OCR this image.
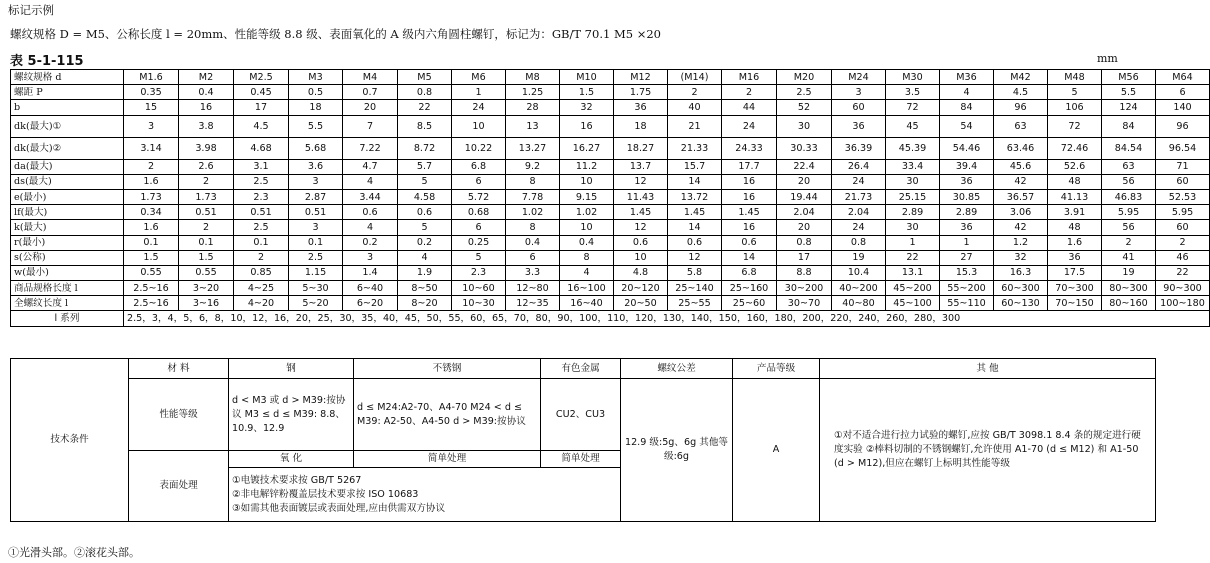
标记示例
螺纹规格 D = M5、公称长度 l = 20mm、性能等级 8.8 级、表面氧化的 A 级内六角圆柱螺钉，标记为：GB/T 70.1 M5 ×20
表 5-1-115	mm
螺纹规格 d	M1.6	M2	M2.5	M3	M4	M5	M6	M8	M10	M12	(M14)	M16	M20	M24	M30	M36	M42	M48	M56	M64
螺距 P	0.35	0.4	0.45	0.5	0.7	0.8	1	1.25	1.5	1.75	2	2	2.5	3	3.5	4	4.5	5	5.5	6
b	15	16	17	18	20	22	24	28	32	36	40	44	52	60	72	84	96	106	124	140
dk(最大)①	3	3.8	4.5	5.5	7	8.5	10	13	16	18	21	24	30	36	45	54	63	72	84	96
dk(最大)②	3.14	3.98	4.68	5.68	7.22	8.72	10.22	13.27	16.27	18.27	21.33	24.33	30.33	36.39	45.39	54.46	63.46	72.46	84.54	96.54
da(最大)	2	2.6	3.1	3.6	4.7	5.7	6.8	9.2	11.2	13.7	15.7	17.7	22.4	26.4	33.4	39.4	45.6	52.6	63	71
ds(最大)	1.6	2	2.5	3	4	5	6	8	10	12	14	16	20	24	30	36	42	48	56	60
e(最小)	1.73	1.73	2.3	2.87	3.44	4.58	5.72	7.78	9.15	11.43	13.72	16	19.44	21.73	25.15	30.85	36.57	41.13	46.83	52.53
lf(最大)	0.34	0.51	0.51	0.51	0.6	0.6	0.68	1.02	1.02	1.45	1.45	1.45	2.04	2.04	2.89	2.89	3.06	3.91	5.95	5.95
k(最大)	1.6	2	2.5	3	4	5	6	8	10	12	14	16	20	24	30	36	42	48	56	60
r(最小)	0.1	0.1	0.1	0.1	0.2	0.2	0.25	0.4	0.4	0.6	0.6	0.6	0.8	0.8	1	1	1.2	1.6	2	2
s(公称)	1.5	1.5	2	2.5	3	4	5	6	8	10	12	14	17	19	22	27	32	36	41	46
w(最小)	0.55	0.55	0.85	1.15	1.4	1.9	2.3	3.3	4	4.8	5.8	6.8	8.8	10.4	13.1	15.3	16.3	17.5	19	22
商品规格长度 l	2.5~16	3~20	4~25	5~30	6~40	8~50	10~60	12~80	16~100	20~120	25~140	25~160	30~200	40~200	45~200	55~200	60~300	70~300	80~300	90~300
全螺纹长度 l	2.5~16	3~16	4~20	5~20	6~20	8~20	10~30	12~35	16~40	20~50	25~55	25~60	30~70	40~80	45~100	55~110	60~130	70~150	80~160	100~180
l 系列	2.5，3，4，5，6，8，10，12，16，20，25，30，35，40，45，50，55，60，65，70，80，90，100，110，120，130，140，150，160，180，200，220，240，260，280，300																			
技术条件	材 料	钢	不锈钢	有色金属	螺纹公差	产品等级	其 他
	性能等级	d < M3 或 d > M39:按协议 M3 ≤ d ≤ M39: 8.8、10.9、12.9	d ≤ M24:A2-70、A4-70 M24 < d ≤ M39: A2-50、A4-50 d > M39:按协议	CU2、CU3	12.9 级:5g、6g 其他等级:6g	A	①对不适合进行拉力试验的螺钉,应按 GB/T 3098.1 8.4 条的规定进行硬度实验 ②棒料切制的不锈钢螺钉,允许使用 A1-70 (d ≤ M12) 和 A1-50 (d > M12),但应在螺钉上标明其性能等级
	表面处理	氧 化	简单处理	简单处理			

		①电镀技术要求按 GB/T 5267
②非电解锌粉覆盖层技术要求按 ISO 10683
③如需其他表面镀层或表面处理,应由供需双方协议					
①光滑头部。②滚花头部。
